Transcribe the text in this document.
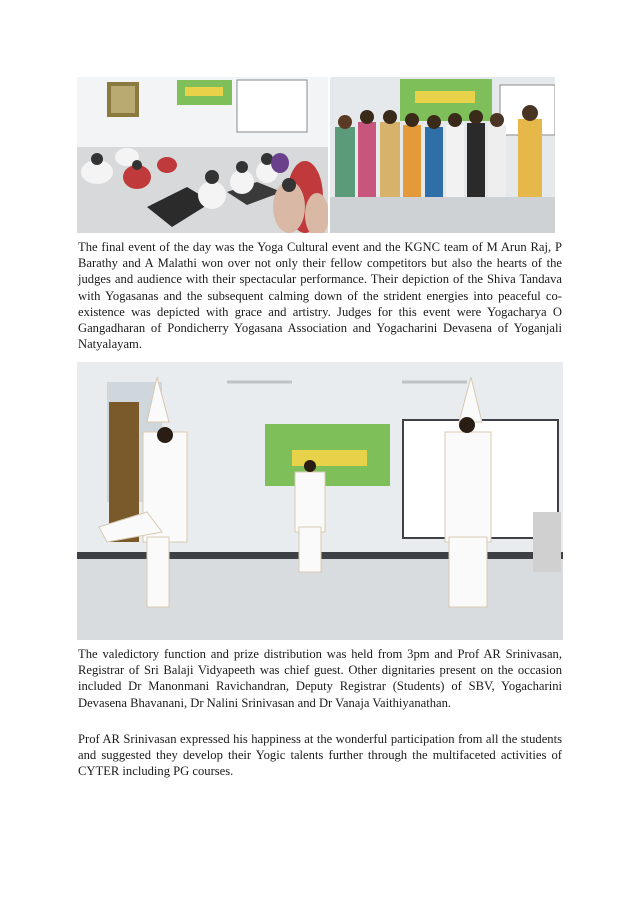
The final event of the day was the Yoga Cultural event and the KGNC team of M Arun Raj, P Barathy and A Malathi won over not only their fellow competitors but also the hearts of the judges and audience with their spectacular performance. Their depiction of the Shiva Tandava with Yogasanas and the subsequent calming down of the strident energies into peaceful co-existence was depicted with grace and artistry. Judges for this event were Yogacharya O Gangadharan of Pondicherry Yogasana Association and Yogacharini Devasena of Yoganjali Natyalayam.

The valedictory function and prize distribution was held from 3pm and Prof AR Srinivasan, Registrar of Sri Balaji Vidyapeeth was chief guest. Other dignitaries present on the occasion included Dr Manonmani Ravichandran, Deputy Registrar (Students) of SBV, Yogacharini Devasena Bhavanani, Dr Nalini Srinivasan and Dr Vanaja Vaithiyanathan.

Prof AR Srinivasan expressed his happiness at the wonderful participation from all the students and suggested they develop their Yogic talents further through the multifaceted activities of CYTER including PG courses.
